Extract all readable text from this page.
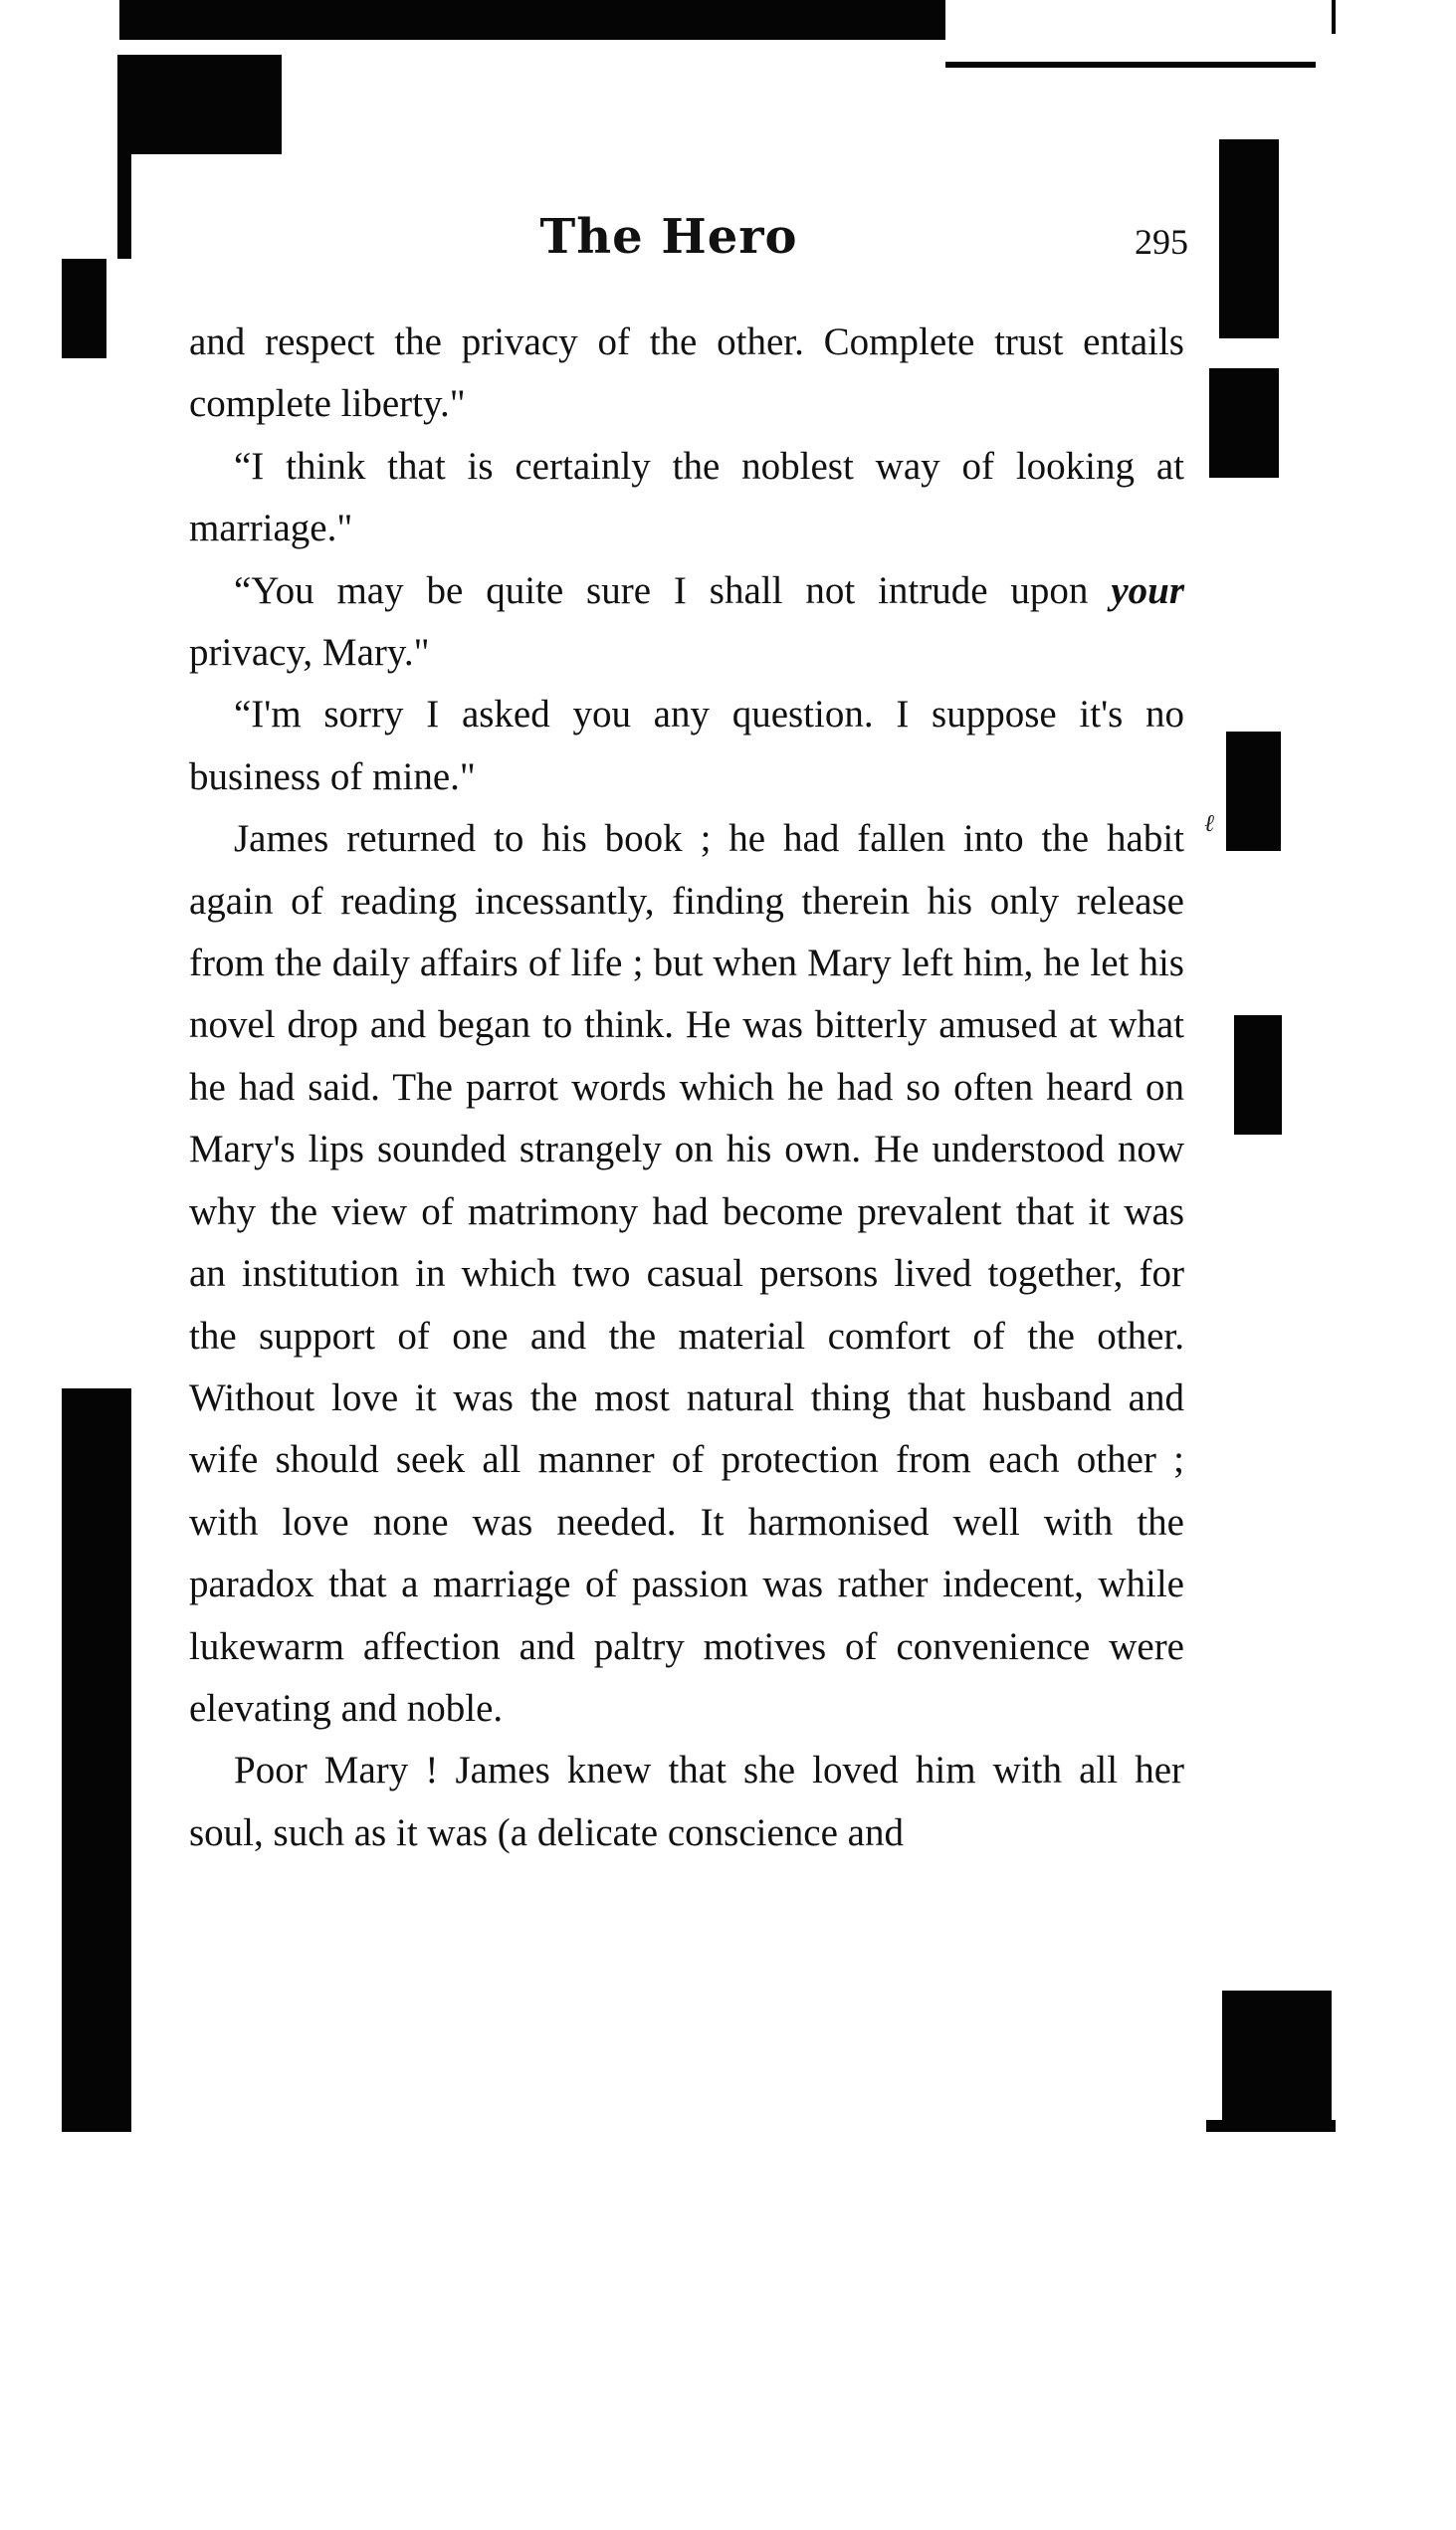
The Hero	295

and respect the privacy of the other. Complete trust entails complete liberty."

“I think that is certainly the noblest way of looking at marriage."

“You may be quite sure I shall not intrude upon your privacy, Mary."

“I'm sorry I asked you any question. I suppose it's no business of mine."

James returned to his book ; he had fallen into the habit again of reading incessantly, finding therein his only release from the daily affairs of life ; but when Mary left him, he let his novel drop and began to think. He was bitterly amused at what he had said. The parrot words which he had so often heard on Mary's lips sounded strangely on his own. He understood now why the view of matrimony had become prevalent that it was an institution in which two casual persons lived together, for the support of one and the material comfort of the other. Without love it was the most natural thing that husband and wife should seek all manner of protection from each other ; with love none was needed. It harmonised well with the paradox that a marriage of passion was rather indecent, while lukewarm affection and paltry motives of convenience were elevating and noble.

Poor Mary ! James knew that she loved him with all her soul, such as it was (a delicate conscience and

ℓ
